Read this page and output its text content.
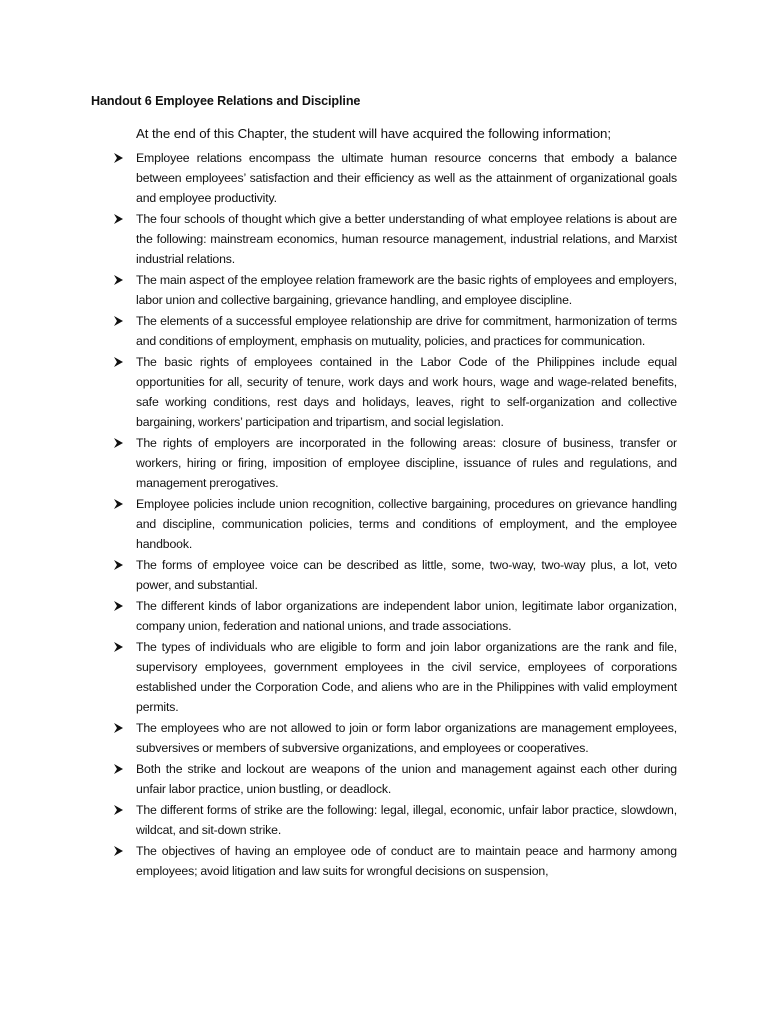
Handout 6 Employee Relations and Discipline
At the end of this Chapter, the student will have acquired the following information;
Employee relations encompass the ultimate human resource concerns that embody a balance between employees’ satisfaction and their efficiency as well as the attainment of organizational goals and employee productivity.
The four schools of thought which give a better understanding of what employee relations is about are the following: mainstream economics, human resource management, industrial relations, and Marxist industrial relations.
The main aspect of the employee relation framework are the basic rights of employees and employers, labor union and collective bargaining, grievance handling, and employee discipline.
The elements of a successful employee relationship are drive for commitment, harmonization of terms and conditions of employment, emphasis on mutuality, policies, and practices for communication.
The basic rights of employees contained in the Labor Code of the Philippines include equal opportunities for all, security of tenure, work days and work hours, wage and wage-related benefits, safe working conditions, rest days and holidays, leaves, right to self-organization and collective bargaining, workers’ participation and tripartism, and social legislation.
The rights of employers are incorporated in the following areas: closure of business, transfer or workers, hiring or firing, imposition of employee discipline, issuance of rules and regulations, and management prerogatives.
Employee policies include union recognition, collective bargaining, procedures on grievance handling and discipline, communication policies, terms and conditions of employment, and the employee handbook.
The forms of employee voice can be described as little, some, two-way, two-way plus, a lot, veto power, and substantial.
The different kinds of labor organizations are independent labor union, legitimate labor organization, company union, federation and national unions, and trade associations.
The types of individuals who are eligible to form and join labor organizations are the rank and file, supervisory employees, government employees in the civil service, employees of corporations established under the Corporation Code, and aliens who are in the Philippines with valid employment permits.
The employees who are not allowed to join or form labor organizations are management employees, subversives or members of subversive organizations, and employees or cooperatives.
Both the strike and lockout are weapons of the union and management against each other during unfair labor practice, union bustling, or deadlock.
The different forms of strike are the following: legal, illegal, economic, unfair labor practice, slowdown, wildcat, and sit-down strike.
The objectives of having an employee ode of conduct are to maintain peace and harmony among employees; avoid litigation and law suits for wrongful decisions on suspension,
